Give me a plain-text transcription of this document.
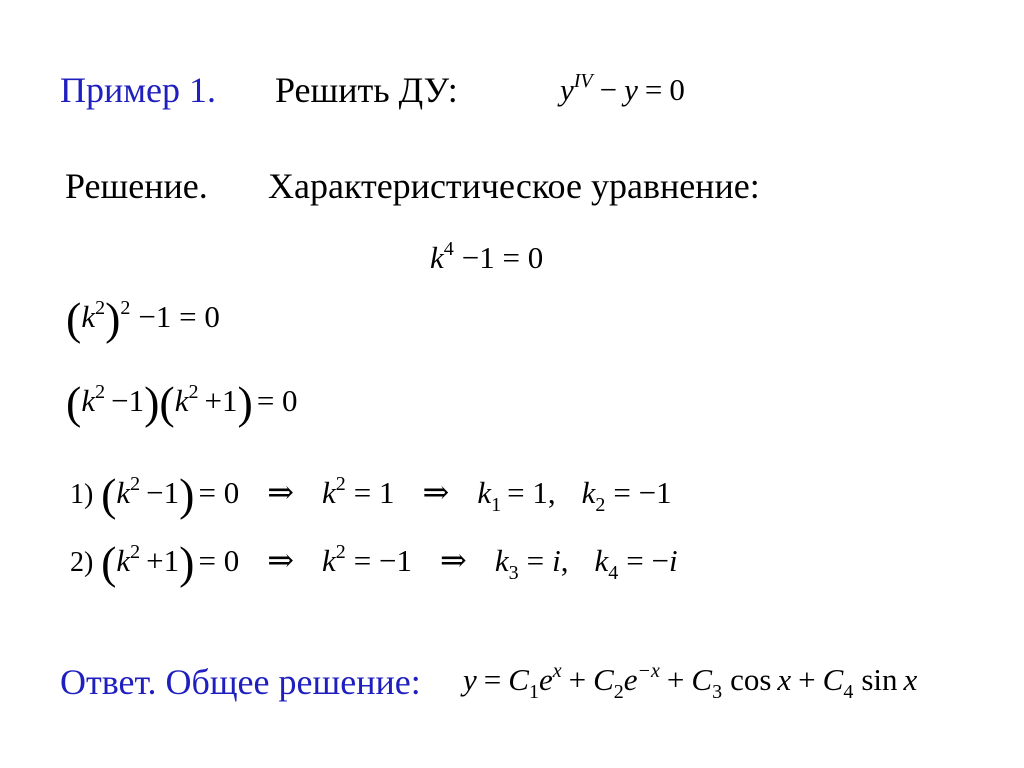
Пример 1. Решить ДУ:	$y^{IV} - y = 0$
Решение. Характеристическое уравнение:
$k^4 -1 = 0$
$(k^2)^2 -1 = 0$
$(k^2 -1)(k^2 +1) = 0$
1) $(k^2 -1) = 0$ ⇒ $k^2 = 1$ ⇒ $k_1 = 1$, $k_2 = -1$
2) $(k^2 +1) = 0$ ⇒ $k^2 = -1$ ⇒ $k_3 = i$, $k_4 = -i$
Ответ. Общее решение: $y = C_1e^x + C_2e^{-x} + C_3$ $\cos x + C_4$ sin x
